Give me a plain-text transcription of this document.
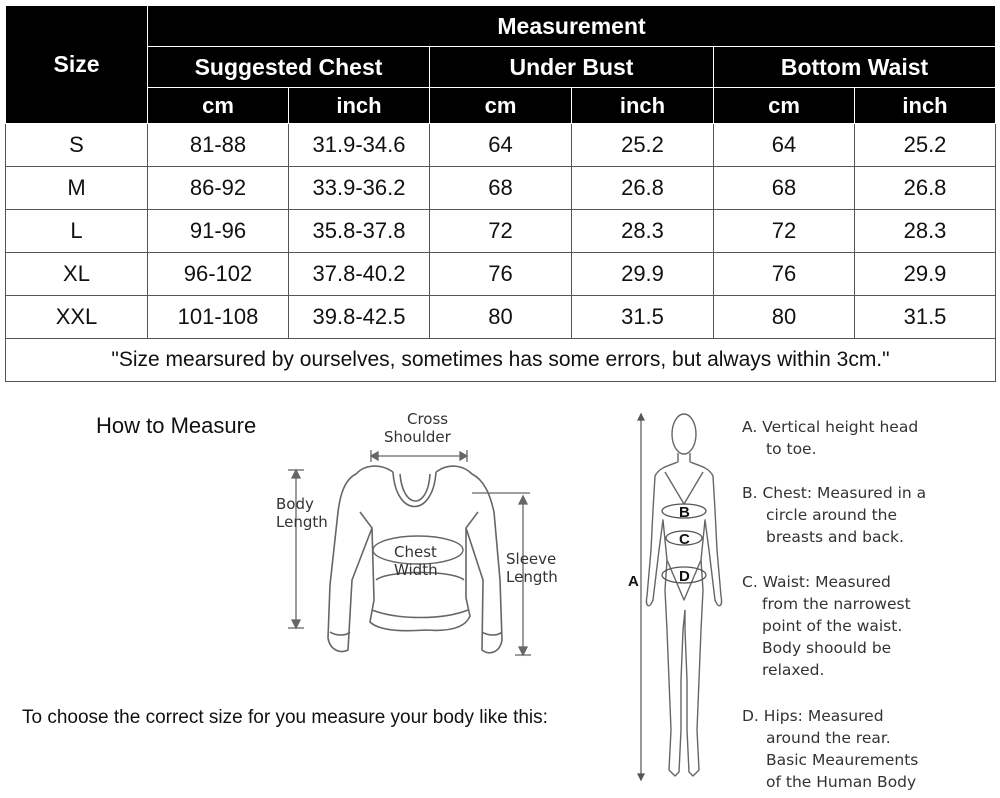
Size	Measurement					
	Suggested Chest		Under Bust		Bottom Waist	
	cm	inch	cm	inch	cm	inch
S	81-88	31.9-34.6	64	25.2	64	25.2
M	86-92	33.9-36.2	68	26.8	68	26.8
L	91-96	35.8-37.8	72	28.3	72	28.3
XL	96-102	37.8-40.2	76	29.9	76	29.9
XXL	101-108	39.8-42.5	80	31.5	80	31.5
"Size mearsured by ourselves, sometimes has some errors, but always within 3cm."						
How to Measure	Cross
Shoulder
Body
Length
Chest
Width
Sleeve
Length	A
B
C
D

A. Vertical height head

to toe.

B. Chest: Measured in a

circle around the

breasts and back.

C. Waist: Measured

from the narrowest

point of the waist.

Body shoould be

relaxed.

D. Hips: Measured

around the rear.

Basic Meaurements

of the Human Body

To choose the correct size for you measure your body like this:
